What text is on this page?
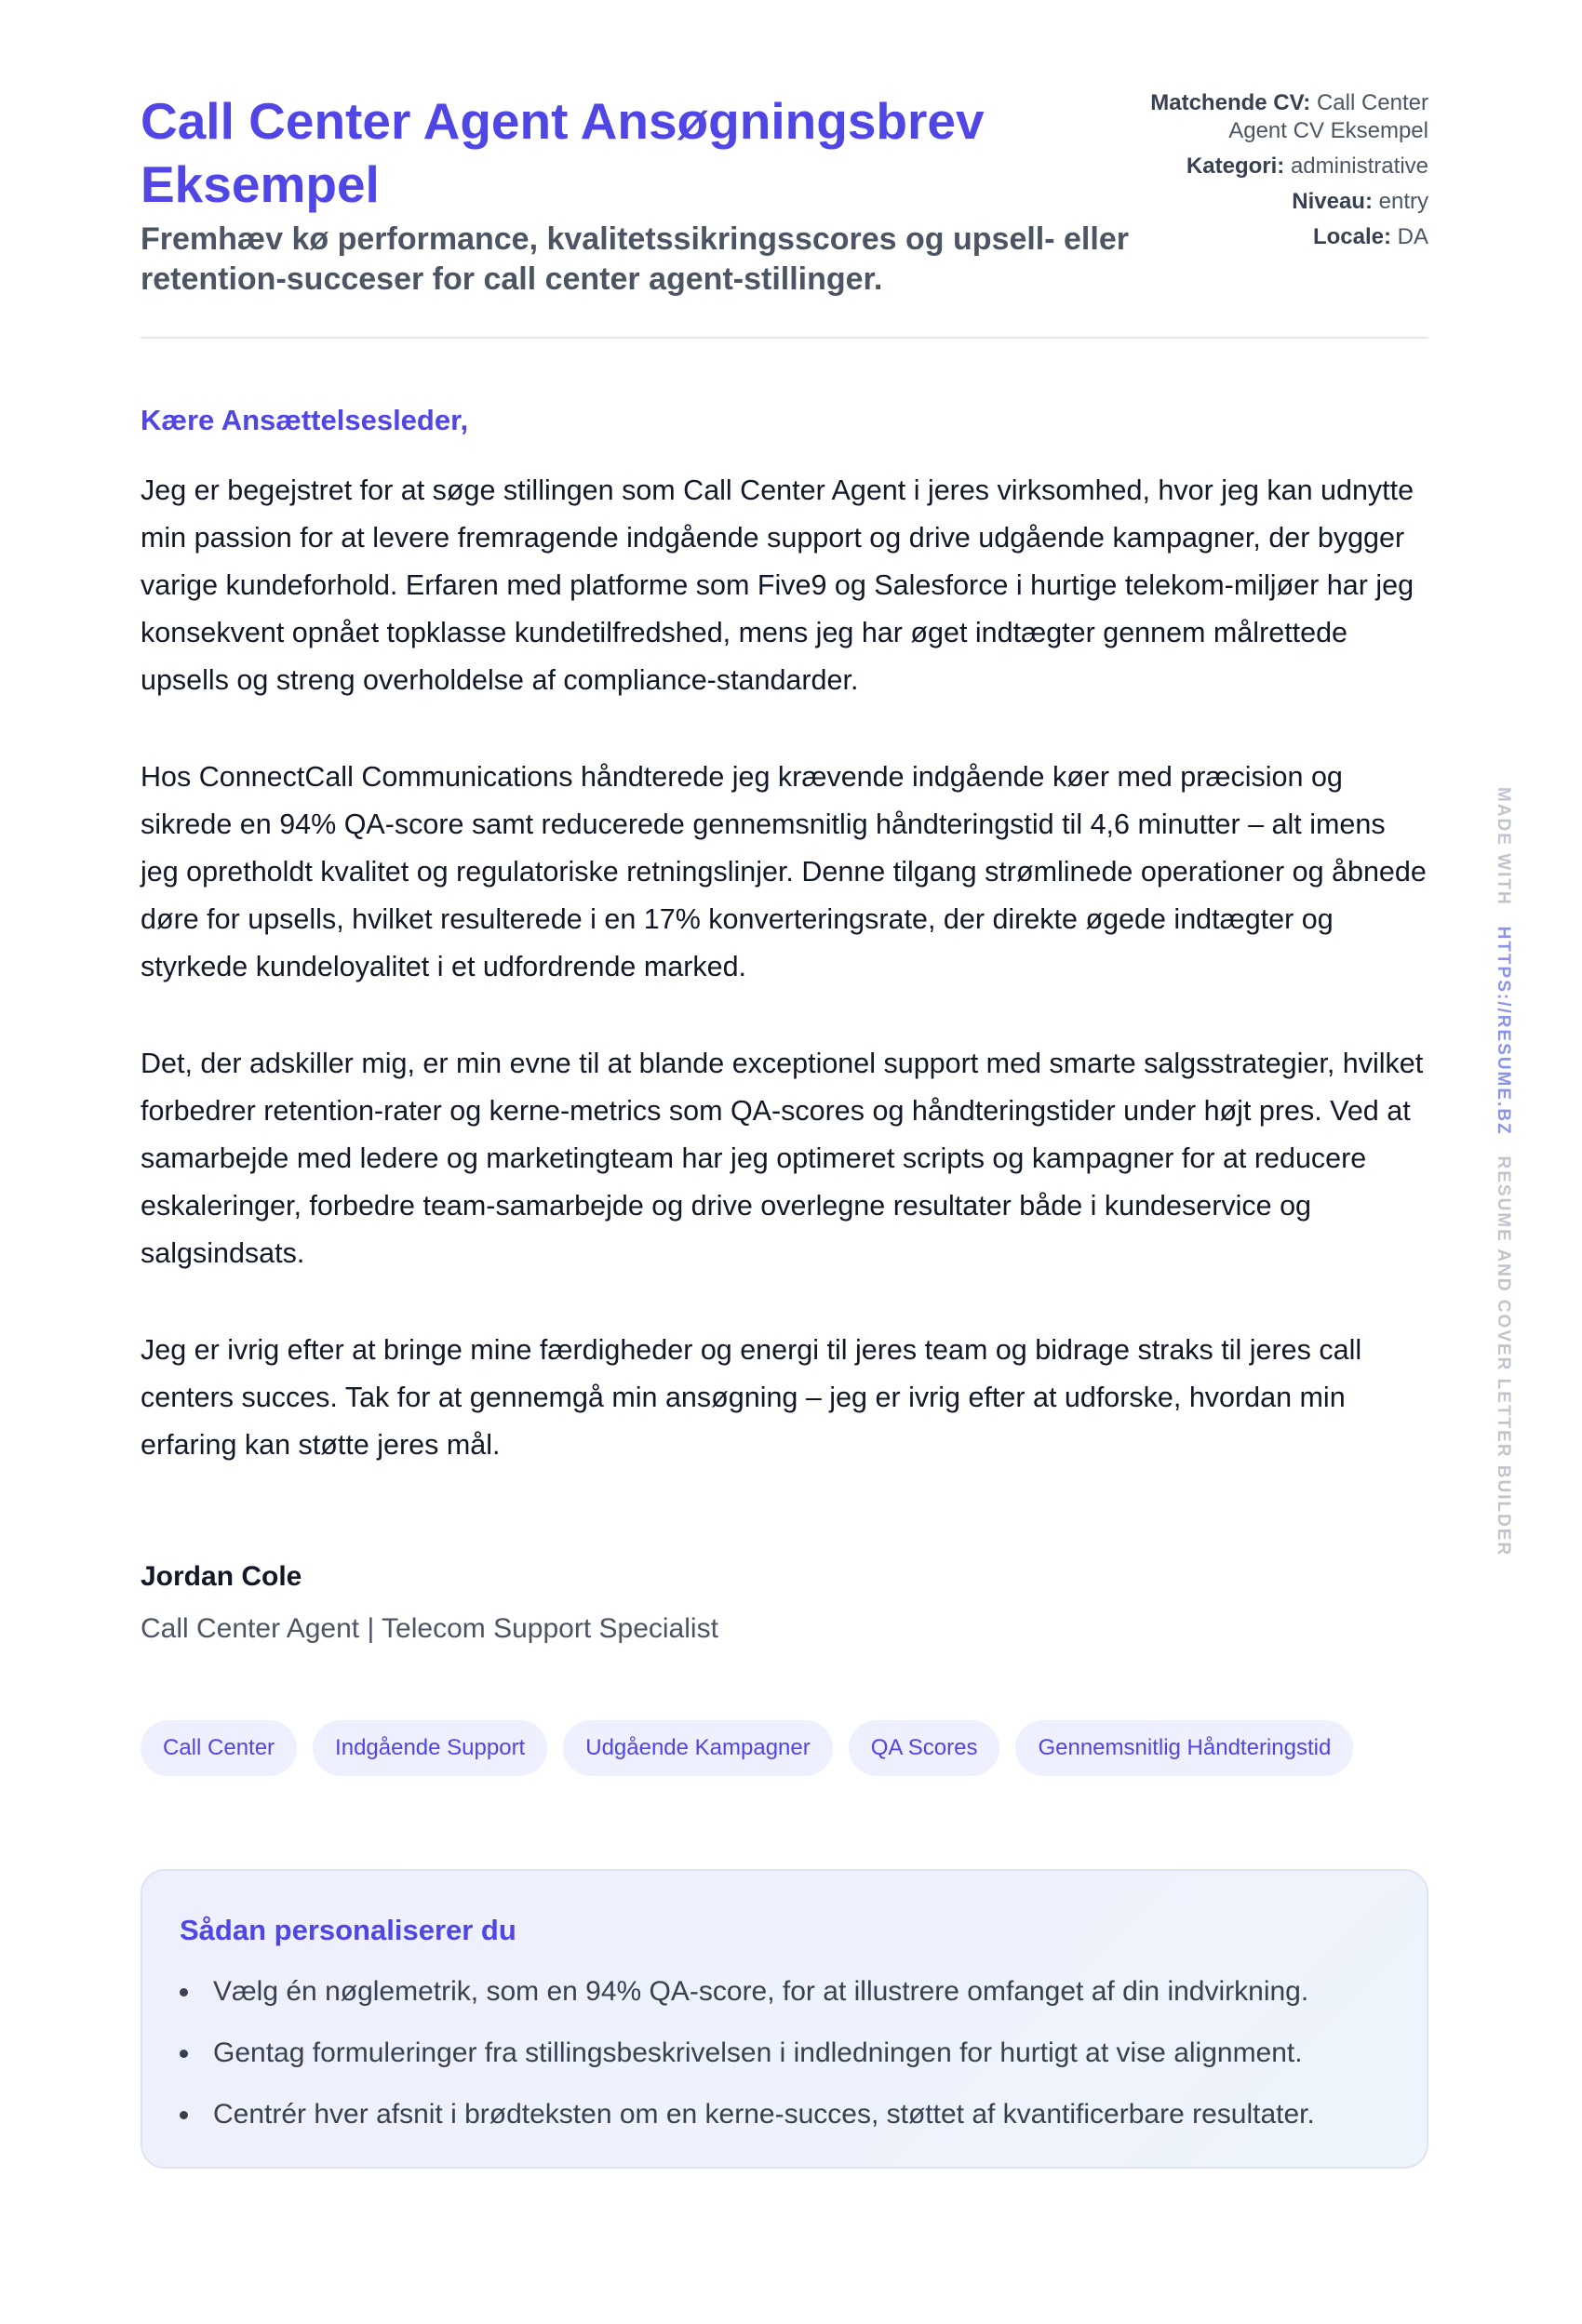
Call Center Agent Ansøgningsbrev Eksempel

Fremhæv kø performance, kvalitetssikringsscores og upsell- eller retention-succeser for call center agent-stillinger.

Matchende CV: Call Center Agent CV Eksempel
Kategori: administrative
Niveau: entry
Locale: DA

Kære Ansættelsesleder,

Jeg er begejstret for at søge stillingen som Call Center Agent i jeres virksomhed, hvor jeg kan udnytte min passion for at levere fremragende indgående support og drive udgående kampagner, der bygger varige kundeforhold. Erfaren med platforme som Five9 og Salesforce i hurtige telekom-miljøer har jeg konsekvent opnået topklasse kundetilfredshed, mens jeg har øget indtægter gennem målrettede upsells og streng overholdelse af compliance-standarder.

Hos ConnectCall Communications håndterede jeg krævende indgående køer med præcision og sikrede en 94% QA-score samt reducerede gennemsnitlig håndteringstid til 4,6 minutter – alt imens jeg opretholdt kvalitet og regulatoriske retningslinjer. Denne tilgang strømlinede operationer og åbnede døre for upsells, hvilket resulterede i en 17% konverteringsrate, der direkte øgede indtægter og styrkede kundeloyalitet i et udfordrende marked.

Det, der adskiller mig, er min evne til at blande exceptionel support med smarte salgsstrategier, hvilket forbedrer retention-rater og kerne-metrics som QA-scores og håndteringstider under højt pres. Ved at samarbejde med ledere og marketingteam har jeg optimeret scripts og kampagner for at reducere eskaleringer, forbedre team-samarbejde og drive overlegne resultater både i kundeservice og salgsindsats.

Jeg er ivrig efter at bringe mine færdigheder og energi til jeres team og bidrage straks til jeres call centers succes. Tak for at gennemgå min ansøgning – jeg er ivrig efter at udforske, hvordan min erfaring kan støtte jeres mål.

Jordan Cole

Call Center Agent | Telecom Support Specialist

Call Center	Indgående Support	Udgående Kampagner	QA Scores	Gennemsnitlig Håndteringstid
Sådan personaliserer du
Vælg én nøglemetrik, som en 94% QA-score, for at illustrere omfanget af din indvirkning.
Gentag formuleringer fra stillingsbeskrivelsen i indledningen for hurtigt at vise alignment.
Centrér hver afsnit i brødteksten om en kerne-succes, støttet af kvantificerbare resultater.
MADE WITH   HTTPS://RESUME.BZ   RESUME AND COVER LETTER BUILDER
